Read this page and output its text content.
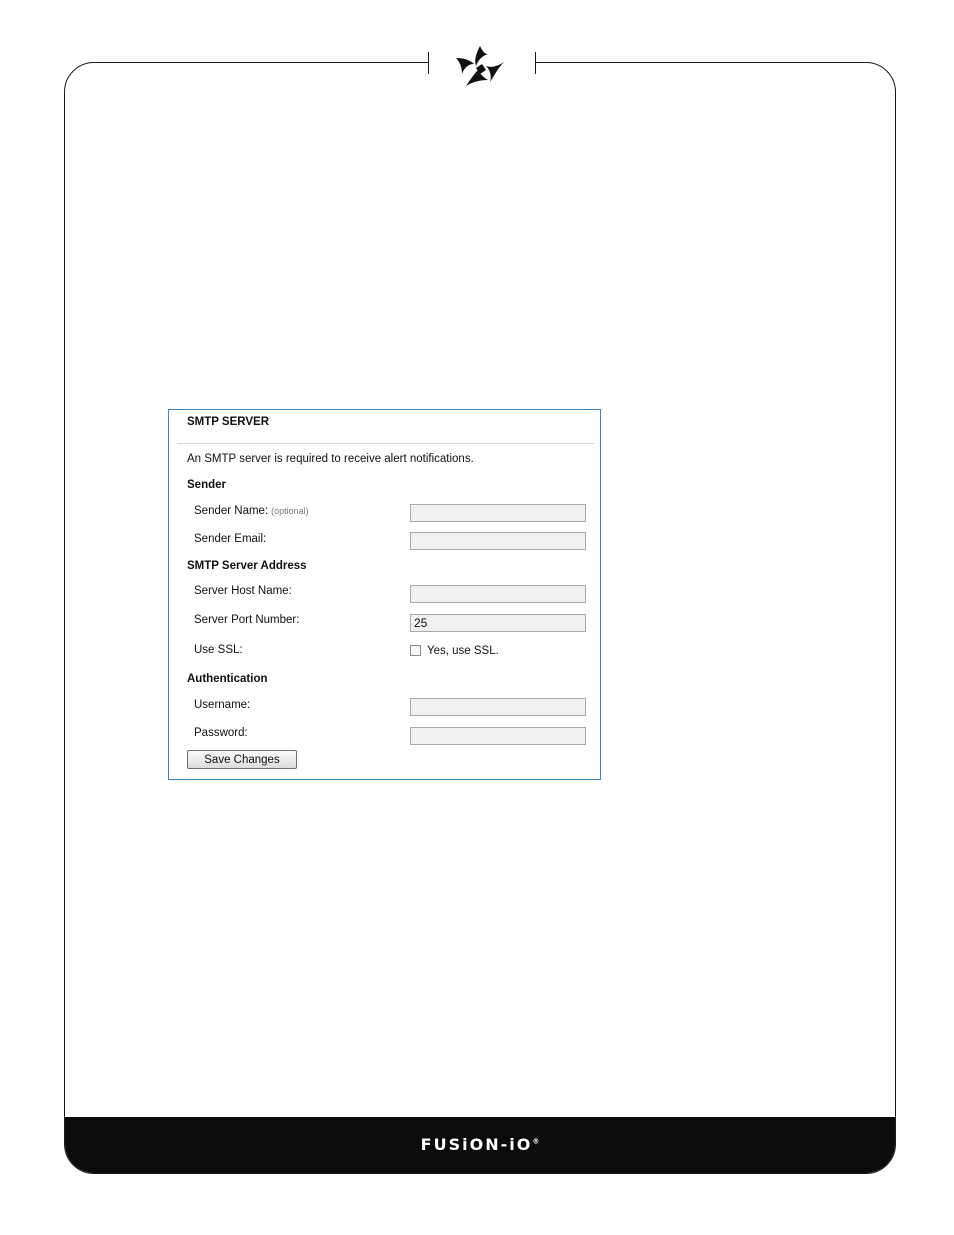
FUSiON-iO®
SMTP SERVER
An SMTP server is required to receive alert notifications.
Sender
Sender Name: (optional)
Sender Email:
SMTP Server Address
Server Host Name:
Server Port Number:
25
Use SSL:	Yes, use SSL.
Authentication
Username:
Password:
Save Changes
